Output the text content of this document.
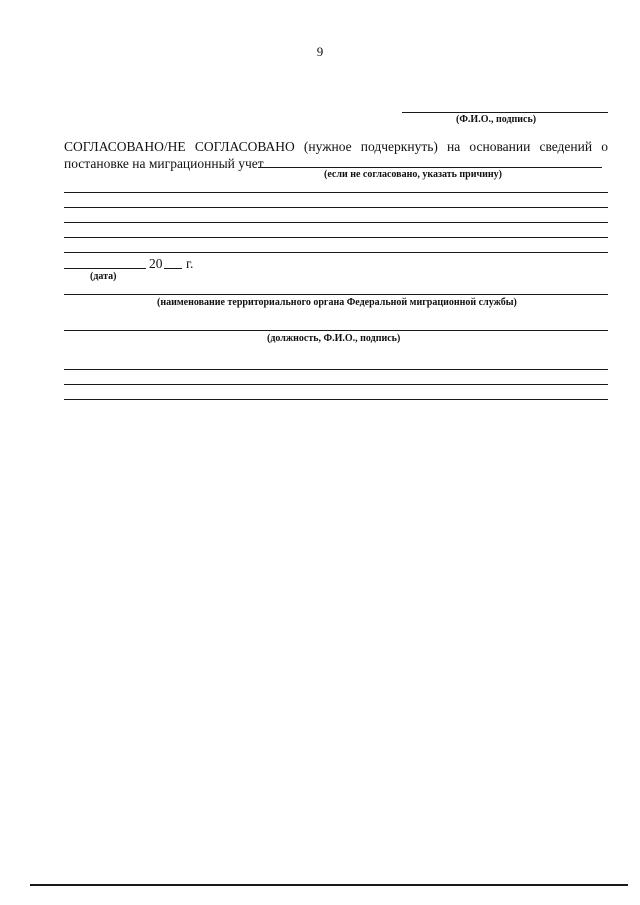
9
(Ф.И.О., подпись)
СОГЛАСОВАНО/НЕ СОГЛАСОВАНО (нужное подчеркнуть) на основании сведений о
постановке на миграционный учет
(если не согласовано, указать причину)
20 г.
(дата)
(наименование территориального органа Федеральной миграционной службы)
(должность, Ф.И.О., подпись)
